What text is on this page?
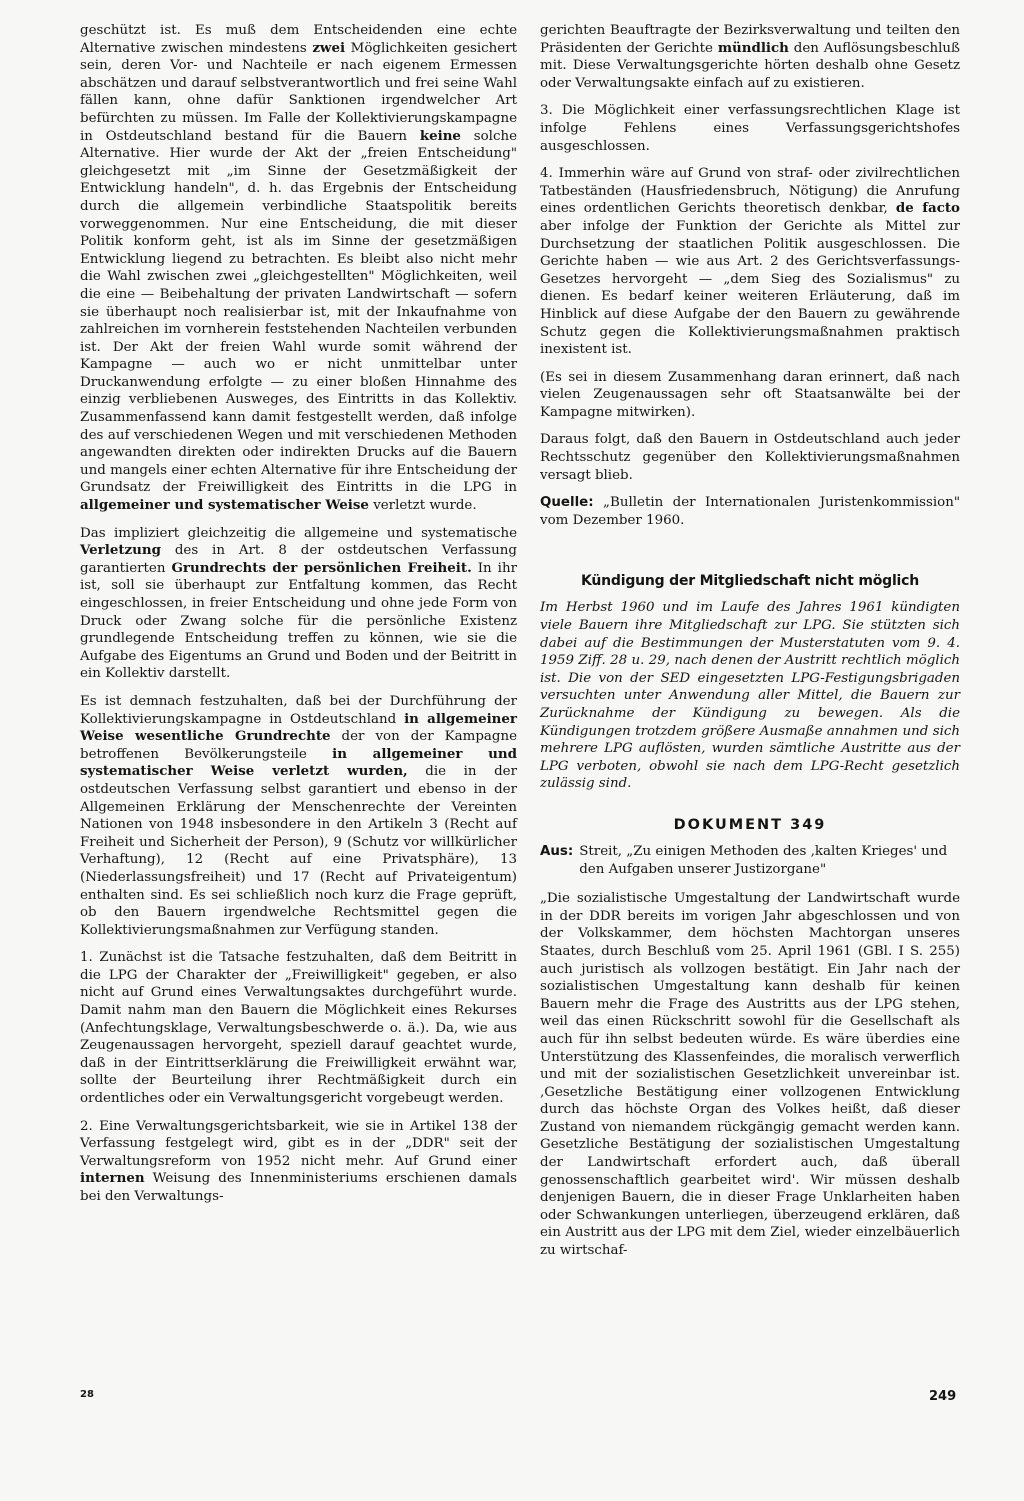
geschützt ist. Es muß dem Entscheidenden eine echte Alternative zwischen mindestens zwei Möglichkeiten gesichert sein, deren Vor- und Nachteile er nach eigenem Ermessen abschätzen und darauf selbstverantwortlich und frei seine Wahl fällen kann, ohne dafür Sanktionen irgendwelcher Art befürchten zu müssen. Im Falle der Kollektivierungskampagne in Ostdeutschland bestand für die Bauern keine solche Alternative. Hier wurde der Akt der „freien Entscheidung" gleichgesetzt mit „im Sinne der Gesetzmäßigkeit der Entwicklung handeln", d. h. das Ergebnis der Entscheidung durch die allgemein verbindliche Staatspolitik bereits vorweggenommen. Nur eine Entscheidung, die mit dieser Politik konform geht, ist als im Sinne der gesetzmäßigen Entwicklung liegend zu betrachten. Es bleibt also nicht mehr die Wahl zwischen zwei „gleichgestellten" Möglichkeiten, weil die eine — Beibehaltung der privaten Landwirtschaft — sofern sie überhaupt noch realisierbar ist, mit der Inkaufnahme von zahlreichen im vornherein feststehenden Nachteilen verbunden ist. Der Akt der freien Wahl wurde somit während der Kampagne — auch wo er nicht unmittelbar unter Druckanwendung erfolgte — zu einer bloßen Hinnahme des einzig verbliebenen Ausweges, des Eintritts in das Kollektiv. Zusammenfassend kann damit festgestellt werden, daß infolge des auf verschiedenen Wegen und mit verschiedenen Methoden angewandten direkten oder indirekten Drucks auf die Bauern und mangels einer echten Alternative für ihre Entscheidung der Grundsatz der Freiwilligkeit des Eintritts in die LPG in allgemeiner und systematischer Weise verletzt wurde.

Das impliziert gleichzeitig die allgemeine und systematische Verletzung des in Art. 8 der ostdeutschen Verfassung garantierten Grundrechts der persönlichen Freiheit. In ihr ist, soll sie überhaupt zur Entfaltung kommen, das Recht eingeschlossen, in freier Entscheidung und ohne jede Form von Druck oder Zwang solche für die persönliche Existenz grundlegende Entscheidung treffen zu können, wie sie die Aufgabe des Eigentums an Grund und Boden und der Beitritt in ein Kollektiv darstellt.

Es ist demnach festzuhalten, daß bei der Durchführung der Kollektivierungskampagne in Ostdeutschland in allgemeiner Weise wesentliche Grundrechte der von der Kampagne betroffenen Bevölkerungsteile in allgemeiner und systematischer Weise verletzt wurden, die in der ostdeutschen Verfassung selbst garantiert und ebenso in der Allgemeinen Erklärung der Menschenrechte der Vereinten Nationen von 1948 insbesondere in den Artikeln 3 (Recht auf Freiheit und Sicherheit der Person), 9 (Schutz vor willkürlicher Verhaftung), 12 (Recht auf eine Privatsphäre), 13 (Niederlassungsfreiheit) und 17 (Recht auf Privateigentum) enthalten sind. Es sei schließlich noch kurz die Frage geprüft, ob den Bauern irgendwelche Rechtsmittel gegen die Kollektivierungsmaßnahmen zur Verfügung standen.

1. Zunächst ist die Tatsache festzuhalten, daß dem Beitritt in die LPG der Charakter der „Freiwilligkeit" gegeben, er also nicht auf Grund eines Verwaltungsaktes durchgeführt wurde. Damit nahm man den Bauern die Möglichkeit eines Rekurses (Anfechtungsklage, Verwaltungsbeschwerde o. ä.). Da, wie aus Zeugenaussagen hervorgeht, speziell darauf geachtet wurde, daß in der Eintrittserklärung die Freiwilligkeit erwähnt war, sollte der Beurteilung ihrer Rechtmäßigkeit durch ein ordentliches oder ein Verwaltungsgericht vorgebeugt werden.

2. Eine Verwaltungsgerichtsbarkeit, wie sie in Artikel 138 der Verfassung festgelegt wird, gibt es in der „DDR" seit der Verwaltungsreform von 1952 nicht mehr. Auf Grund einer internen Weisung des Innenministeriums erschienen damals bei den Verwaltungs-

gerichten Beauftragte der Bezirksverwaltung und teilten den Präsidenten der Gerichte mündlich den Auflösungsbeschluß mit. Diese Verwaltungsgerichte hörten deshalb ohne Gesetz oder Verwaltungsakte einfach auf zu existieren.

3. Die Möglichkeit einer verfassungsrechtlichen Klage ist infolge Fehlens eines Verfassungsgerichtshofes ausgeschlossen.

4. Immerhin wäre auf Grund von straf- oder zivilrechtlichen Tatbeständen (Hausfriedensbruch, Nötigung) die Anrufung eines ordentlichen Gerichts theoretisch denkbar, de facto aber infolge der Funktion der Gerichte als Mittel zur Durchsetzung der staatlichen Politik ausgeschlossen. Die Gerichte haben — wie aus Art. 2 des Gerichtsverfassungs-Gesetzes hervorgeht — „dem Sieg des Sozialismus" zu dienen. Es bedarf keiner weiteren Erläuterung, daß im Hinblick auf diese Aufgabe der den Bauern zu gewährende Schutz gegen die Kollektivierungsmaßnahmen praktisch inexistent ist.

(Es sei in diesem Zusammenhang daran erinnert, daß nach vielen Zeugenaussagen sehr oft Staatsanwälte bei der Kampagne mitwirken).

Daraus folgt, daß den Bauern in Ostdeutschland auch jeder Rechtsschutz gegenüber den Kollektivierungsmaßnahmen versagt blieb.

Quelle: „Bulletin der Internationalen Juristenkommission" vom Dezember 1960.

Kündigung der Mitgliedschaft nicht möglich

Im Herbst 1960 und im Laufe des Jahres 1961 kündigten viele Bauern ihre Mitgliedschaft zur LPG. Sie stützten sich dabei auf die Bestimmungen der Musterstatuten vom 9. 4. 1959 Ziff. 28 u. 29, nach denen der Austritt rechtlich möglich ist. Die von der SED eingesetzten LPG-Festigungsbrigaden versuchten unter Anwendung aller Mittel, die Bauern zur Zurücknahme der Kündigung zu bewegen. Als die Kündigungen trotzdem größere Ausmaße annahmen und sich mehrere LPG auflösten, wurden sämtliche Austritte aus der LPG verboten, obwohl sie nach dem LPG-Recht gesetzlich zulässig sind.

DOKUMENT 349
Aus: Streit, „Zu einigen Methoden des ‚kalten Krieges' und den Aufgaben unserer Justizorgane"

„Die sozialistische Umgestaltung der Landwirtschaft wurde in der DDR bereits im vorigen Jahr abgeschlossen und von der Volkskammer, dem höchsten Machtorgan unseres Staates, durch Beschluß vom 25. April 1961 (GBl. I S. 255) auch juristisch als vollzogen bestätigt. Ein Jahr nach der sozialistischen Umgestaltung kann deshalb für keinen Bauern mehr die Frage des Austritts aus der LPG stehen, weil das einen Rückschritt sowohl für die Gesellschaft als auch für ihn selbst bedeuten würde. Es wäre überdies eine Unterstützung des Klassenfeindes, die moralisch verwerflich und mit der sozialistischen Gesetzlichkeit unvereinbar ist. ‚Gesetzliche Bestätigung einer vollzogenen Entwicklung durch das höchste Organ des Volkes heißt, daß dieser Zustand von niemandem rückgängig gemacht werden kann. Gesetzliche Bestätigung der sozialistischen Umgestaltung der Landwirtschaft erfordert auch, daß überall genossenschaftlich gearbeitet wird'. Wir müssen deshalb denjenigen Bauern, die in dieser Frage Unklarheiten haben oder Schwankungen unterliegen, überzeugend erklären, daß ein Austritt aus der LPG mit dem Ziel, wieder einzelbäuerlich zu wirtschaf-

28	249
